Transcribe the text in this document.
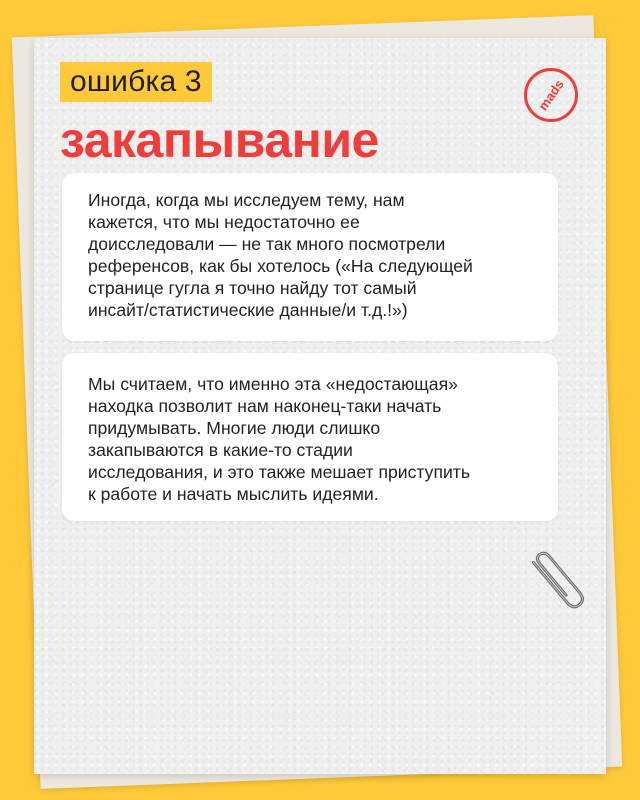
ошибка 3
закапывание
mads
Иногда, когда мы исследуем тему, нам
кажется, что мы недостаточно ее
доисследовали — не так много посмотрели
референсов, как бы хотелось («На следующей
странице гугла я точно найду тот самый
инсайт/статистические данные/и т.д.!»)
Мы считаем, что именно эта «недостающая»
находка позволит нам наконец-таки начать
придумывать. Многие люди слишко
закапываются в какие-то стадии
исследования, и это также мешает приступить
к работе и начать мыслить идеями.
